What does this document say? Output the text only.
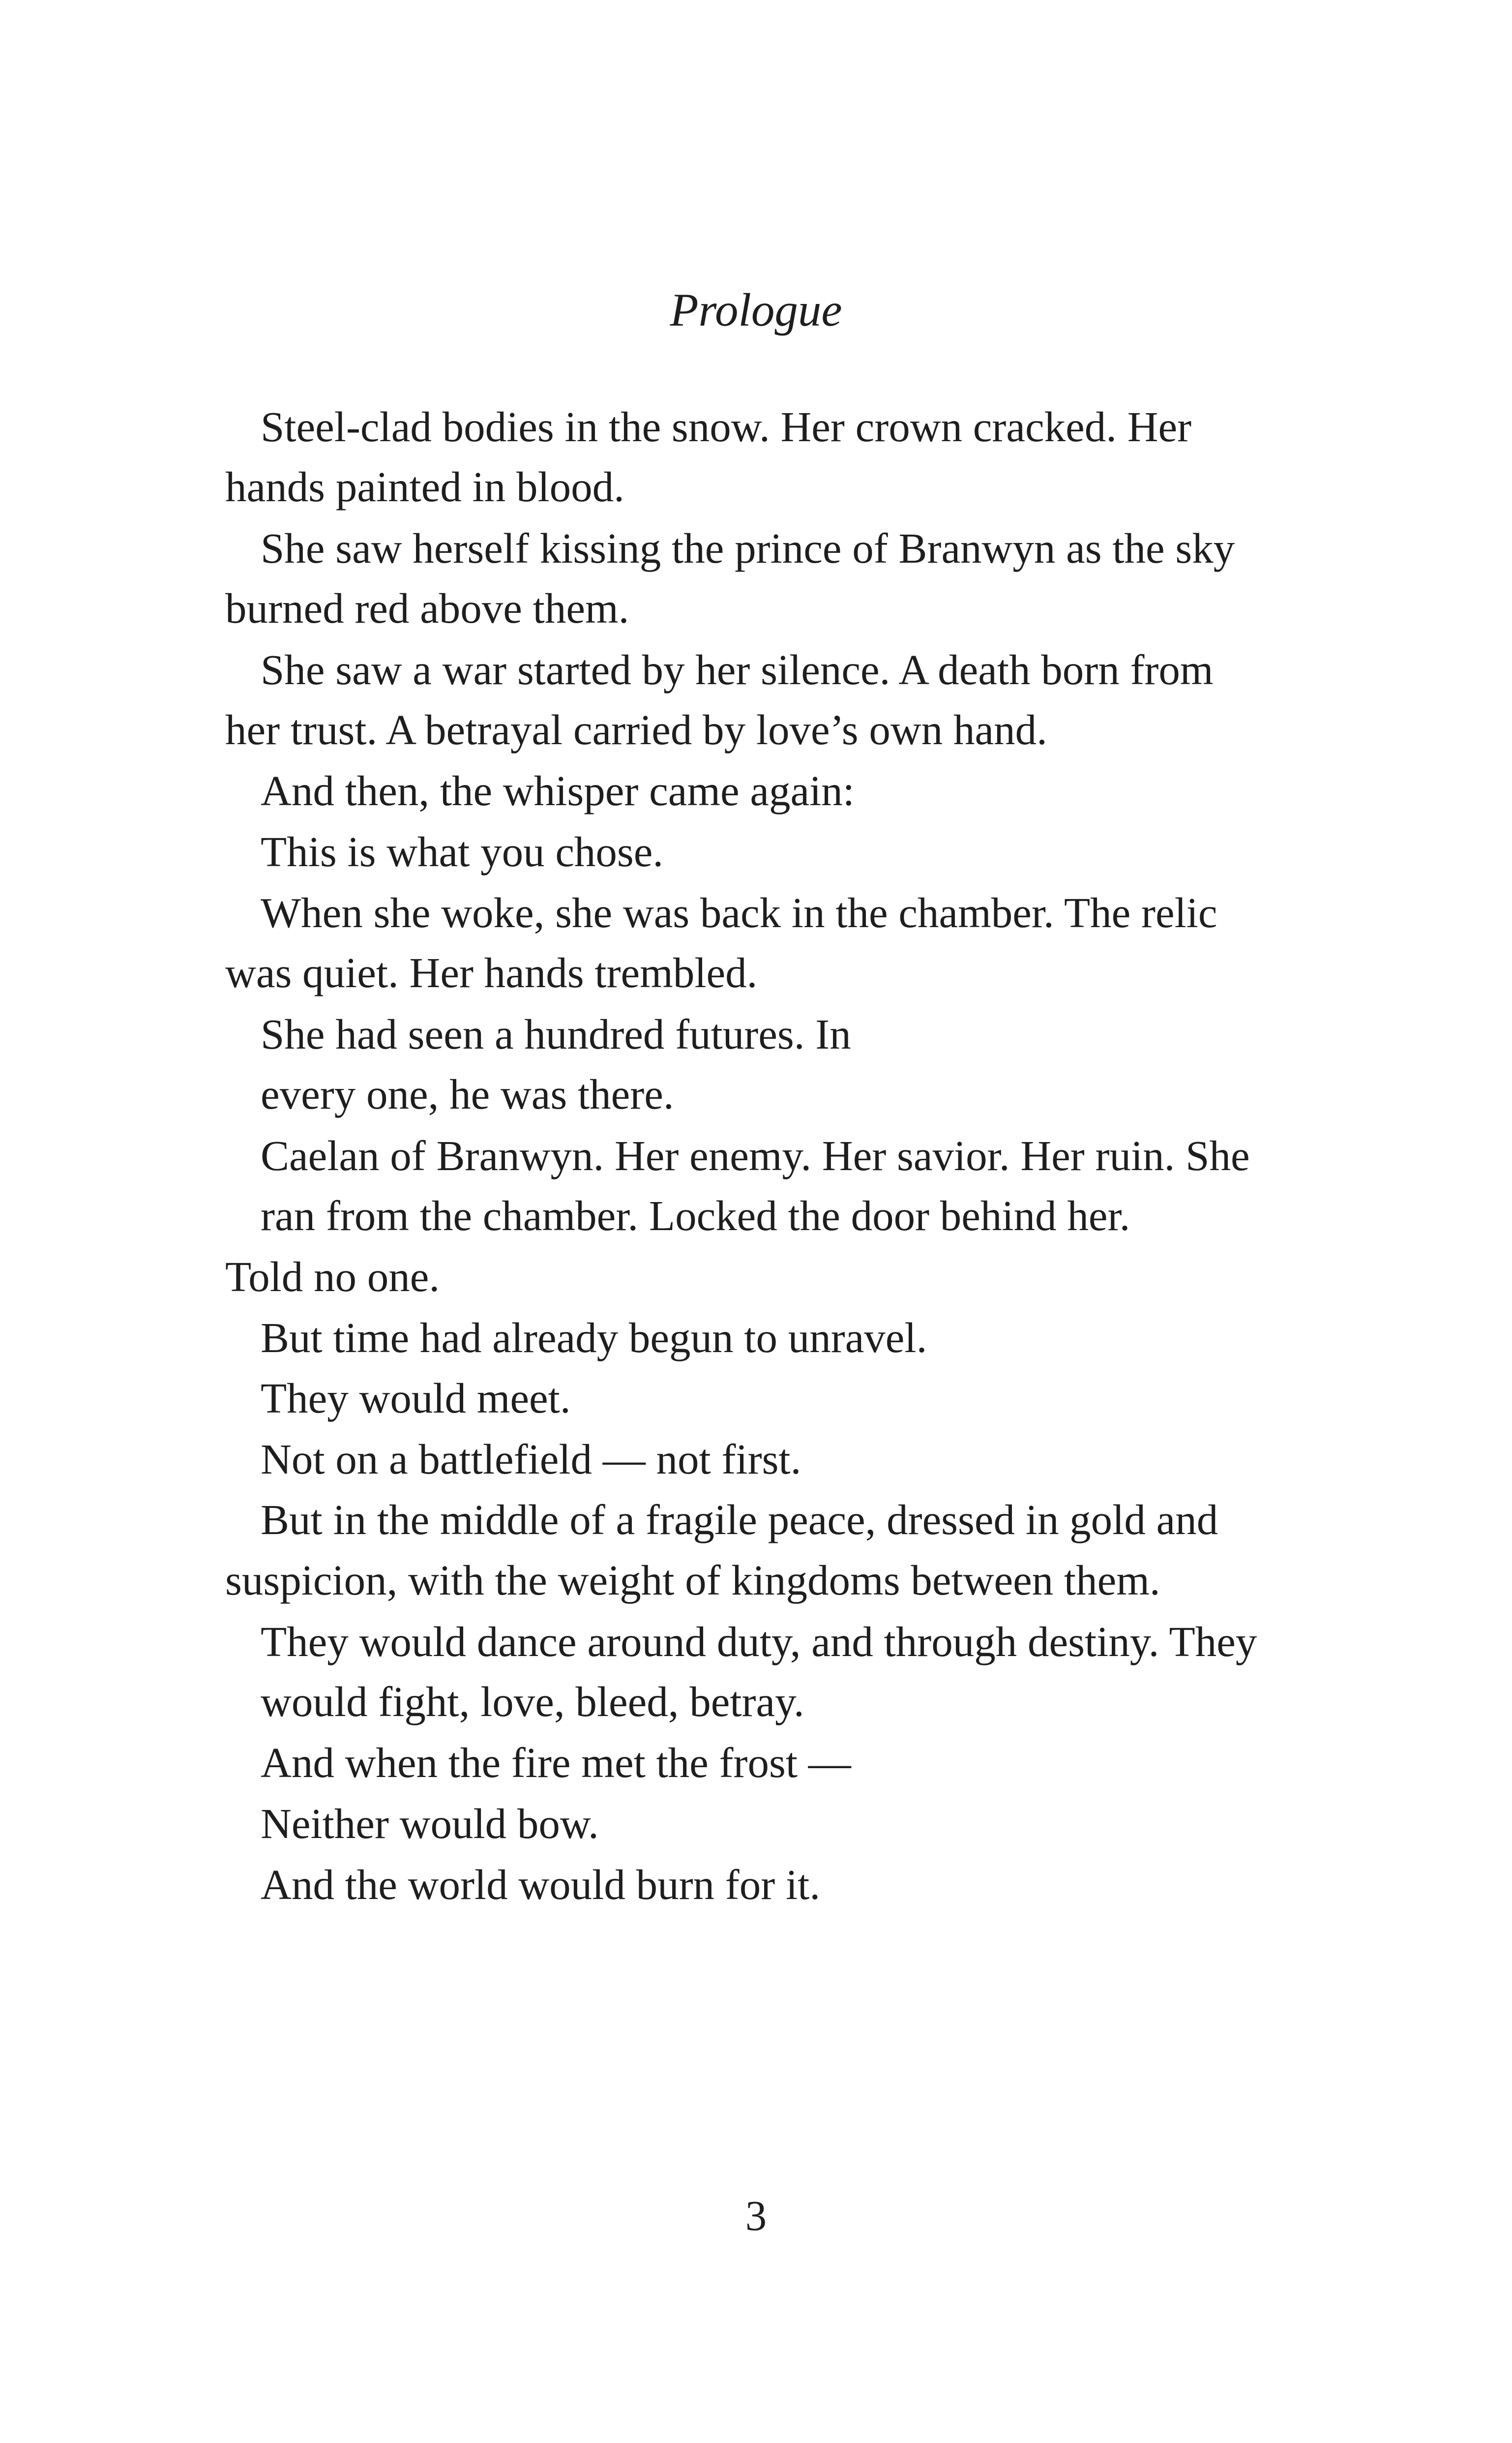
Prologue

Steel-clad bodies in the snow. Her crown cracked. Her

hands painted in blood.

She saw herself kissing the prince of Branwyn as the sky

burned red above them.

She saw a war started by her silence. A death born from

her trust. A betrayal carried by love’s own hand.

And then, the whisper came again:

This is what you chose.

When she woke, she was back in the chamber. The relic

was quiet. Her hands trembled.

She had seen a hundred futures. In

every one, he was there.

Caelan of Branwyn. Her enemy. Her savior. Her ruin. She

ran from the chamber. Locked the door behind her.

Told no one.

But time had already begun to unravel.

They would meet.

Not on a battlefield — not first.

But in the middle of a fragile peace, dressed in gold and

suspicion, with the weight of kingdoms between them.

They would dance around duty, and through destiny. They

would fight, love, bleed, betray.

And when the fire met the frost —

Neither would bow.

And the world would burn for it.

3
